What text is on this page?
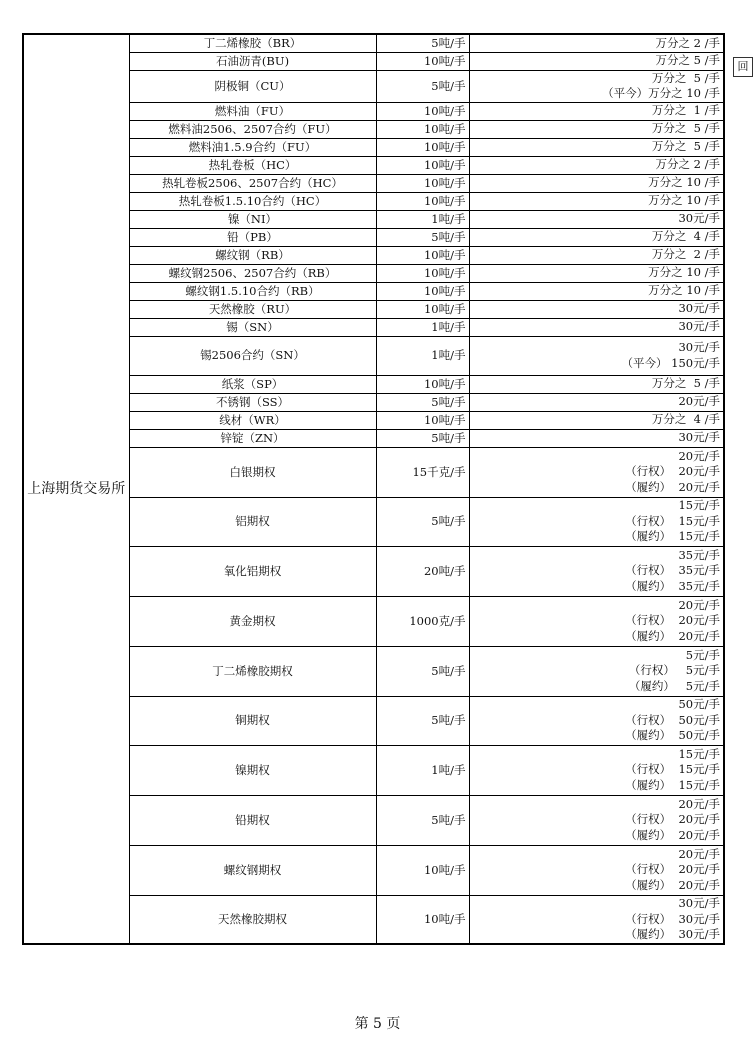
上海期货交易所	丁二烯橡胶（BR）	5吨/手	万分之 2 /手

	石油沥青(BU)	10吨/手	万分之 5 /手

	阴极铜（CU）	5吨/手	万分之  5 /手
（平今）万分之 10 /手

	燃料油（FU）	10吨/手	万分之  1 /手

	燃料油2506、2507合约（FU）	10吨/手	万分之  5 /手

	燃料油1.5.9合约（FU）	10吨/手	万分之  5 /手

	热轧卷板（HC）	10吨/手	万分之 2 /手

	热轧卷板2506、2507合约（HC）	10吨/手	万分之 10 /手

	热轧卷板1.5.10合约（HC）	10吨/手	万分之 10 /手

	镍（NI）	1吨/手	30元/手

	铅（PB）	5吨/手	万分之  4 /手

	螺纹钢（RB）	10吨/手	万分之  2 /手

	螺纹钢2506、2507合约（RB）	10吨/手	万分之 10 /手

	螺纹钢1.5.10合约（RB）	10吨/手	万分之 10 /手

	天然橡胶（RU）	10吨/手	30元/手

	锡（SN）	1吨/手	30元/手

	锡2506合约（SN）	1吨/手	30元/手
（平今） 150元/手

	纸浆（SP）	10吨/手	万分之  5 /手

	不锈钢（SS）	5吨/手	20元/手

	线材（WR）	10吨/手	万分之  4 /手

	锌锭（ZN）	5吨/手	30元/手

	白银期权	15千克/手	20元/手
（行权）  20元/手
（履约）  20元/手

	铝期权	5吨/手	15元/手
（行权）  15元/手
（履约）  15元/手

	氧化铝期权	20吨/手	35元/手
（行权）  35元/手
（履约）  35元/手

	黄金期权	1000克/手	20元/手
（行权）  20元/手
（履约）  20元/手

	丁二烯橡胶期权	5吨/手	5元/手
（行权）   5元/手
（履约）   5元/手

	铜期权	5吨/手	50元/手
（行权）  50元/手
（履约）  50元/手

	镍期权	1吨/手	15元/手
（行权）  15元/手
（履约）  15元/手

	铅期权	5吨/手	20元/手
（行权）  20元/手
（履约）  20元/手

	螺纹钢期权	10吨/手	20元/手
（行权）  20元/手
（履约）  20元/手

	天然橡胶期权	10吨/手	30元/手
（行权）  30元/手
（履约）  30元/手
回
第 5 页
